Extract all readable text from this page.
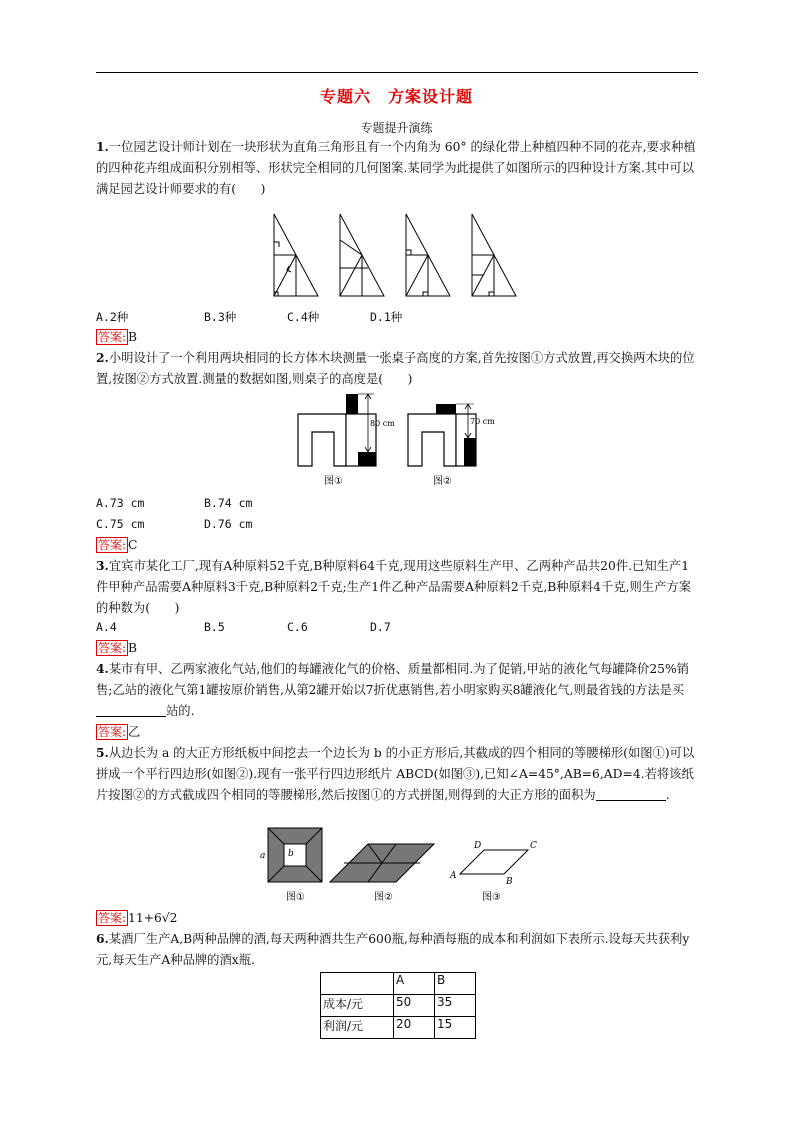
专题六　方案设计题
专题提升演练

1.一位园艺设计师计划在一块形状为直角三角形且有一个内角为 60° 的绿化带上种植四种不同的花卉,要求种植的四种花卉组成面积分别相等、形状完全相同的几何图案.某同学为此提供了如图所示的四种设计方案.其中可以满足园艺设计师要求的有(　　)

A.2种	B.3种	C.4种	D.1种
答案: B

2.小明设计了一个利用两块相同的长方体木块测量一张桌子高度的方案,首先按图①方式放置,再交换两木块的位置,按图②方式放置.测量的数据如图,则桌子的高度是(　　)

80 cm
图①
70 cm
图②
A.73 cm	B.74 cm
C.75 cm	D.76 cm
答案: C

3.宜宾市某化工厂,现有A种原料52千克,B种原料64千克,现用这些原料生产甲、乙两种产品共20件.已知生产1件甲种产品需要A种原料3千克,B种原料2千克;生产1件乙种产品需要A种原料2千克,B种原料4千克,则生产方案的种数为(　　)

A.4	B.5	C.6	D.7
答案: B

4.某市有甲、乙两家液化气站,他们的每罐液化气的价格、质量都相同.为了促销,甲站的液化气每罐降价25%销售;乙站的液化气第1罐按原价销售,从第2罐开始以7折优惠销售,若小明家购买8罐液化气,则最省钱的方法是买站的.

答案: 乙

5.从边长为 a 的大正方形纸板中间挖去一个边长为 b 的小正方形后,其截成的四个相同的等腰梯形(如图①)可以拼成一个平行四边形(如图②).现有一张平行四边形纸片 ABCD(如图③),已知∠A=45°,AB=6,AD=4.若将该纸片按图②的方式截成四个相同的等腰梯形,然后按图①的方式拼图,则得到的大正方形的面积为	.

a	b
图①	图②
A
B
C
D
图③
答案: 11+6√2

6.某酒厂生产A,B两种品牌的酒,每天两种酒共生产600瓶,每种酒每瓶的成本和利润如下表所示.设每天共获利y元,每天生产A种品牌的酒x瓶.

	A	B
成本/元	50	35
利润/元	20	15
